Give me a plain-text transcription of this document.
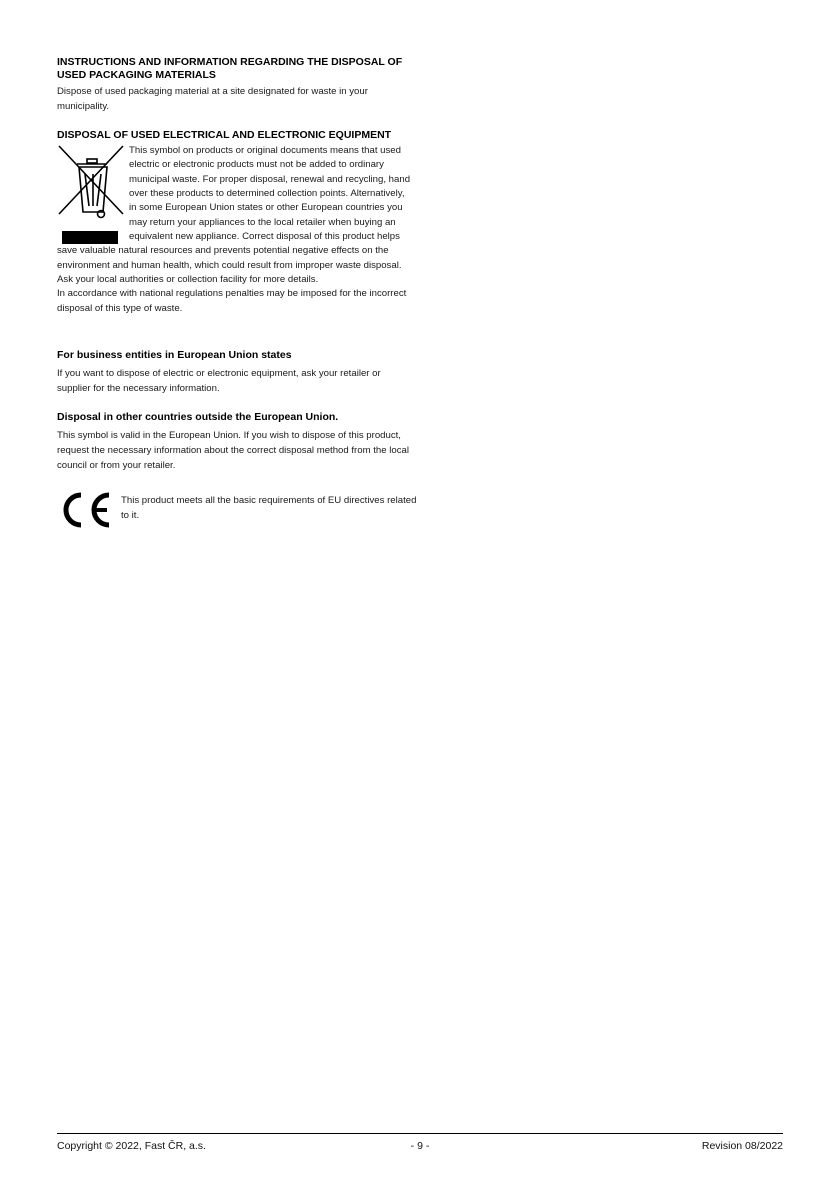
INSTRUCTIONS AND INFORMATION REGARDING THE DISPOSAL OF
USED PACKAGING MATERIALS

Dispose of used packaging material at a site designated for waste in your municipality.

DISPOSAL OF USED ELECTRICAL AND ELECTRONIC EQUIPMENT

This symbol on products or original documents means that used electric or electronic products must not be added to ordinary municipal waste. For proper disposal, renewal and recycling, hand over these products to determined collection points. Alternatively, in some European Union states or other European countries you may return your appliances to the local retailer when buying an equivalent new appliance. Correct disposal of this product helps save valuable natural resources and prevents potential negative effects on the environment and human health, which could result from improper waste disposal. Ask your local authorities or collection facility for more details.

In accordance with national regulations penalties may be imposed for the incorrect disposal of this type of waste.

For business entities in European Union states

If you want to dispose of electric or electronic equipment, ask your retailer or supplier for the necessary information.

Disposal in other countries outside the European Union.

This symbol is valid in the European Union. If you wish to dispose of this product, request the necessary information about the correct disposal method from the local council or from your retailer.

This product meets all the basic requirements of EU directives related to it.

Copyright © 2022, Fast ČR, a.s.	- 9 -	Revision 08/2022
